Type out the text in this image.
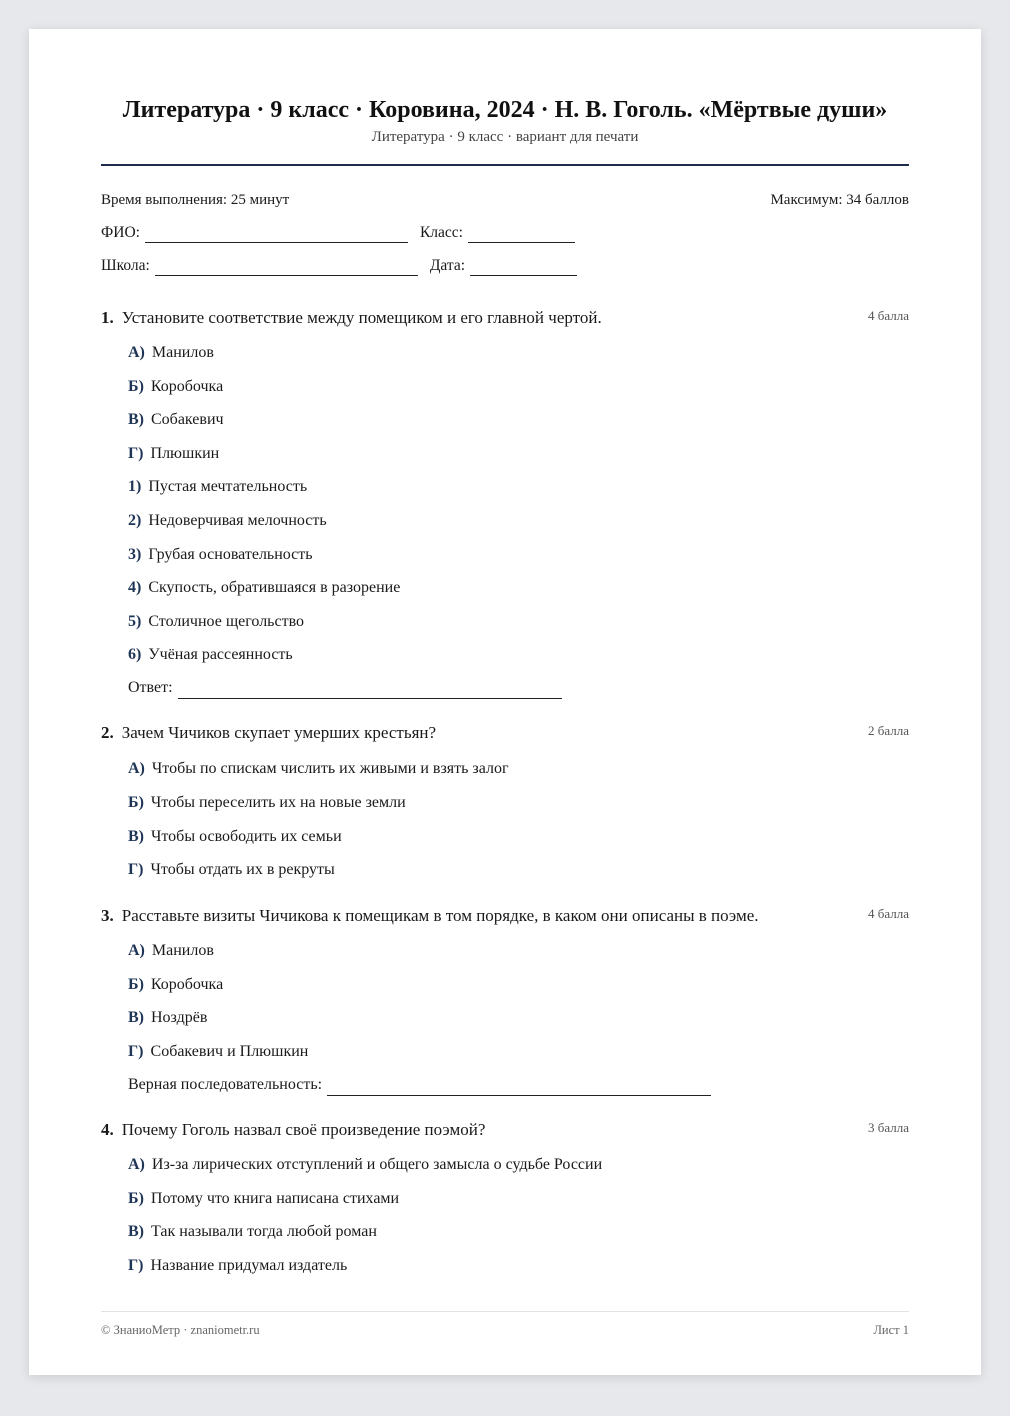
Литература · 9 класс · Коровина, 2024 · Н. В. Гоголь. «Мёртвые души»
Литература · 9 класс · вариант для печати
Время выполнения: 25 минут	Максимум: 34 баллов
ФИО:	Класс:
Школа:	Дата:
1. Установите соответствие между помещиком и его главной чертой.	4 балла
А) Манилов
Б) Коробочка
В) Собакевич
Г) Плюшкин
1) Пустая мечтательность
2) Недоверчивая мелочность
3) Грубая основательность
4) Скупость, обратившаяся в разорение
5) Столичное щегольство
6) Учёная рассеянность
Ответ:
2. Зачем Чичиков скупает умерших крестьян?	2 балла
А) Чтобы по спискам числить их живыми и взять залог
Б) Чтобы переселить их на новые земли
В) Чтобы освободить их семьи
Г) Чтобы отдать их в рекруты
3. Расставьте визиты Чичикова к помещикам в том порядке, в каком они описаны в поэме.	4 балла
А) Манилов
Б) Коробочка
В) Ноздрёв
Г) Собакевич и Плюшкин
Верная последовательность:
4. Почему Гоголь назвал своё произведение поэмой?	3 балла
А) Из-за лирических отступлений и общего замысла о судьбе России
Б) Потому что книга написана стихами
В) Так называли тогда любой роман
Г) Название придумал издатель
© ЗнаниоМетр · znaniometr.ru	Лист 1
